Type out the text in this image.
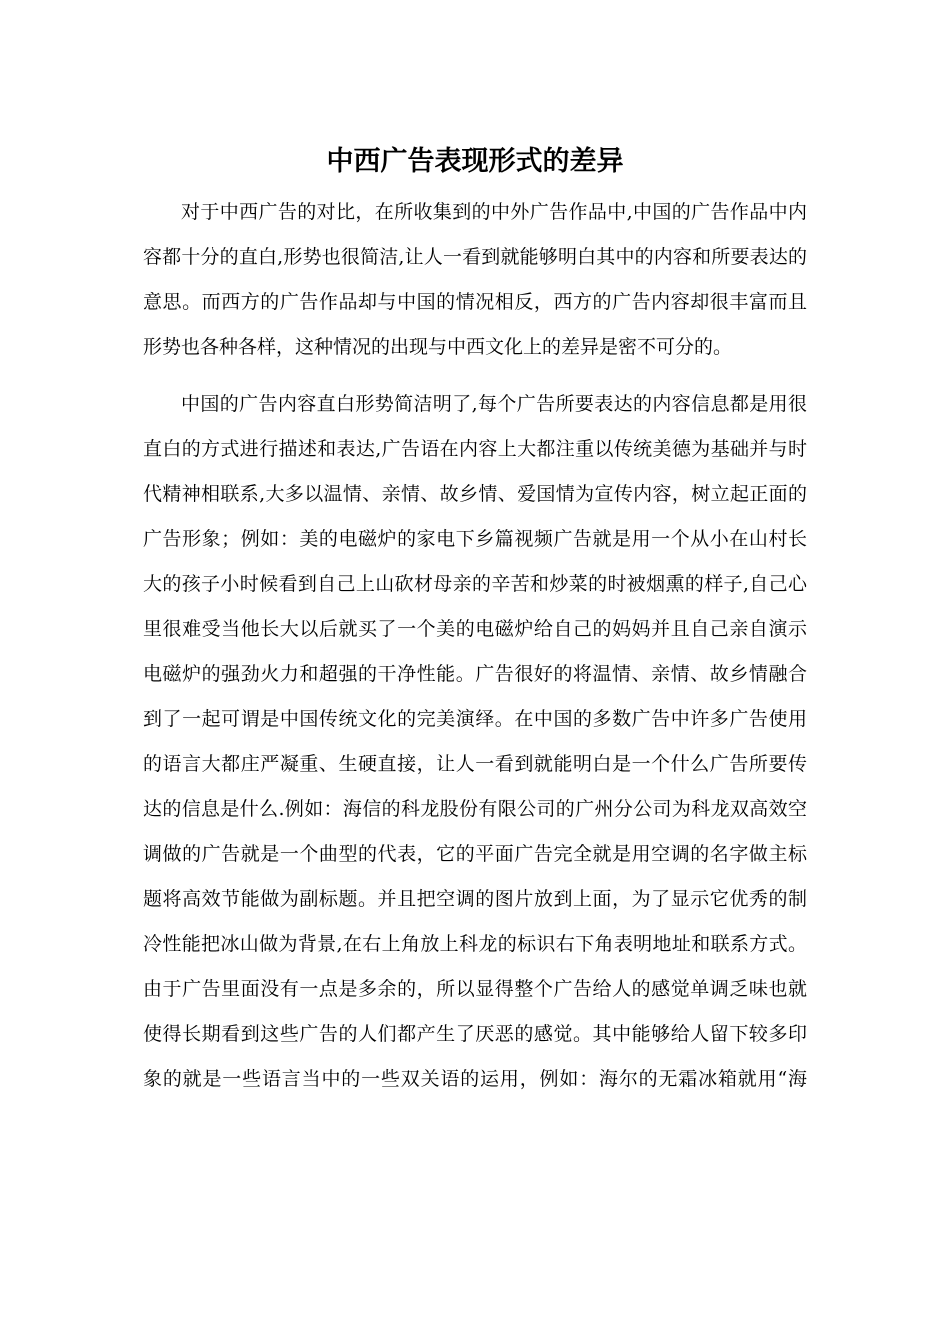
中西广告表现形式的差异
对于中西广告的对比，在所收集到的中外广告作品中,中国的广告作品中内
容都十分的直白,形势也很简洁,让人一看到就能够明白其中的内容和所要表达的
意思。而西方的广告作品却与中国的情况相反，西方的广告内容却很丰富而且
形势也各种各样，这种情况的出现与中西文化上的差异是密不可分的。
中国的广告内容直白形势简洁明了,每个广告所要表达的内容信息都是用很
直白的方式进行描述和表达,广告语在内容上大都注重以传统美德为基础并与时
代精神相联系,大多以温情、亲情、故乡情、爱国情为宣传内容，树立起正面的
广告形象；例如：美的电磁炉的家电下乡篇视频广告就是用一个从小在山村长
大的孩子小时候看到自己上山砍材母亲的辛苦和炒菜的时被烟熏的样子,自己心
里很难受当他长大以后就买了一个美的电磁炉给自己的妈妈并且自己亲自演示
电磁炉的强劲火力和超强的干净性能。广告很好的将温情、亲情、故乡情融合
到了一起可谓是中国传统文化的完美演绎。在中国的多数广告中许多广告使用
的语言大都庄严凝重、生硬直接，让人一看到就能明白是一个什么广告所要传
达的信息是什么.例如：海信的科龙股份有限公司的广州分公司为科龙双高效空
调做的广告就是一个曲型的代表，它的平面广告完全就是用空调的名字做主标
题将高效节能做为副标题。并且把空调的图片放到上面，为了显示它优秀的制
冷性能把冰山做为背景,在右上角放上科龙的标识右下角表明地址和联系方式。
由于广告里面没有一点是多余的，所以显得整个广告给人的感觉单调乏味也就
使得长期看到这些广告的人们都产生了厌恶的感觉。其中能够给人留下较多印
象的就是一些语言当中的一些双关语的运用，例如：海尔的无霜冰箱就用“海
